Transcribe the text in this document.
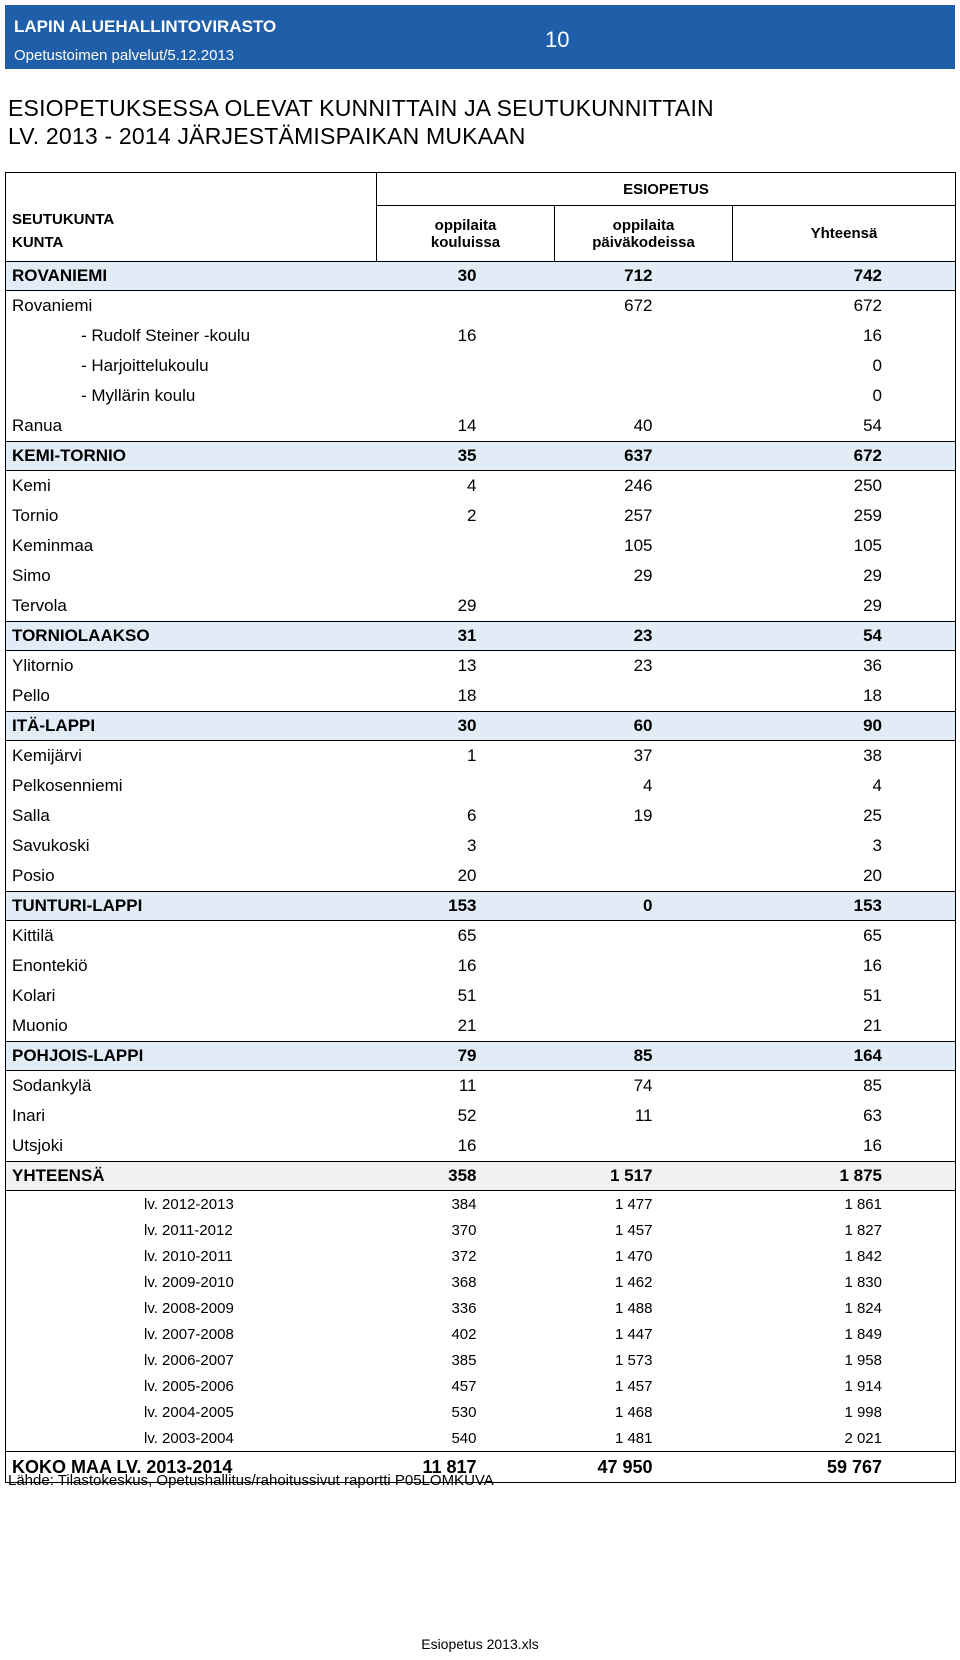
LAPIN ALUEHALLINTOVIRASTO
Opetustoimen palvelut/5.12.2013
10
ESIOPETUKSESSA OLEVAT KUNNITTAIN JA SEUTUKUNNITTAIN
LV. 2013 - 2014 JÄRJESTÄMISPAIKAN MUKAAN
	ESIOPETUS		
SEUTUKUNTA	oppilaita	oppilaita	Yhteensä
KUNTA	kouluissa	päiväkodeissa	
ROVANIEMI	30	712	742
Rovaniemi		672	672
- Rudolf Steiner -koulu	16		16
- Harjoittelukoulu			0
- Myllärin koulu			0
Ranua	14	40	54
KEMI-TORNIO	35	637	672
Kemi	4	246	250
Tornio	2	257	259
Keminmaa		105	105
Simo		29	29
Tervola	29		29
TORNIOLAAKSO	31	23	54
Ylitornio	13	23	36
Pello	18		18
ITÄ-LAPPI	30	60	90
Kemijärvi	1	37	38
Pelkosenniemi		4	4
Salla	6	19	25
Savukoski	3		3
Posio	20		20
TUNTURI-LAPPI	153	0	153
Kittilä	65		65
Enontekiö	16		16
Kolari	51		51
Muonio	21		21
POHJOIS-LAPPI	79	85	164
Sodankylä	11	74	85
Inari	52	11	63
Utsjoki	16		16
YHTEENSÄ	358	1 517	1 875
lv. 2012-2013	384	1 477	1 861
lv. 2011-2012	370	1 457	1 827
lv. 2010-2011	372	1 470	1 842
lv. 2009-2010	368	1 462	1 830
lv. 2008-2009	336	1 488	1 824
lv. 2007-2008	402	1 447	1 849
lv. 2006-2007	385	1 573	1 958
lv. 2005-2006	457	1 457	1 914
lv. 2004-2005	530	1 468	1 998
lv. 2003-2004	540	1 481	2 021
KOKO MAA LV. 2013-2014	11 817	47 950	59 767
Lähde: Tilastokeskus, Opetushallitus/rahoitussivut raportti P05LOMKUVA
Esiopetus 2013.xls
